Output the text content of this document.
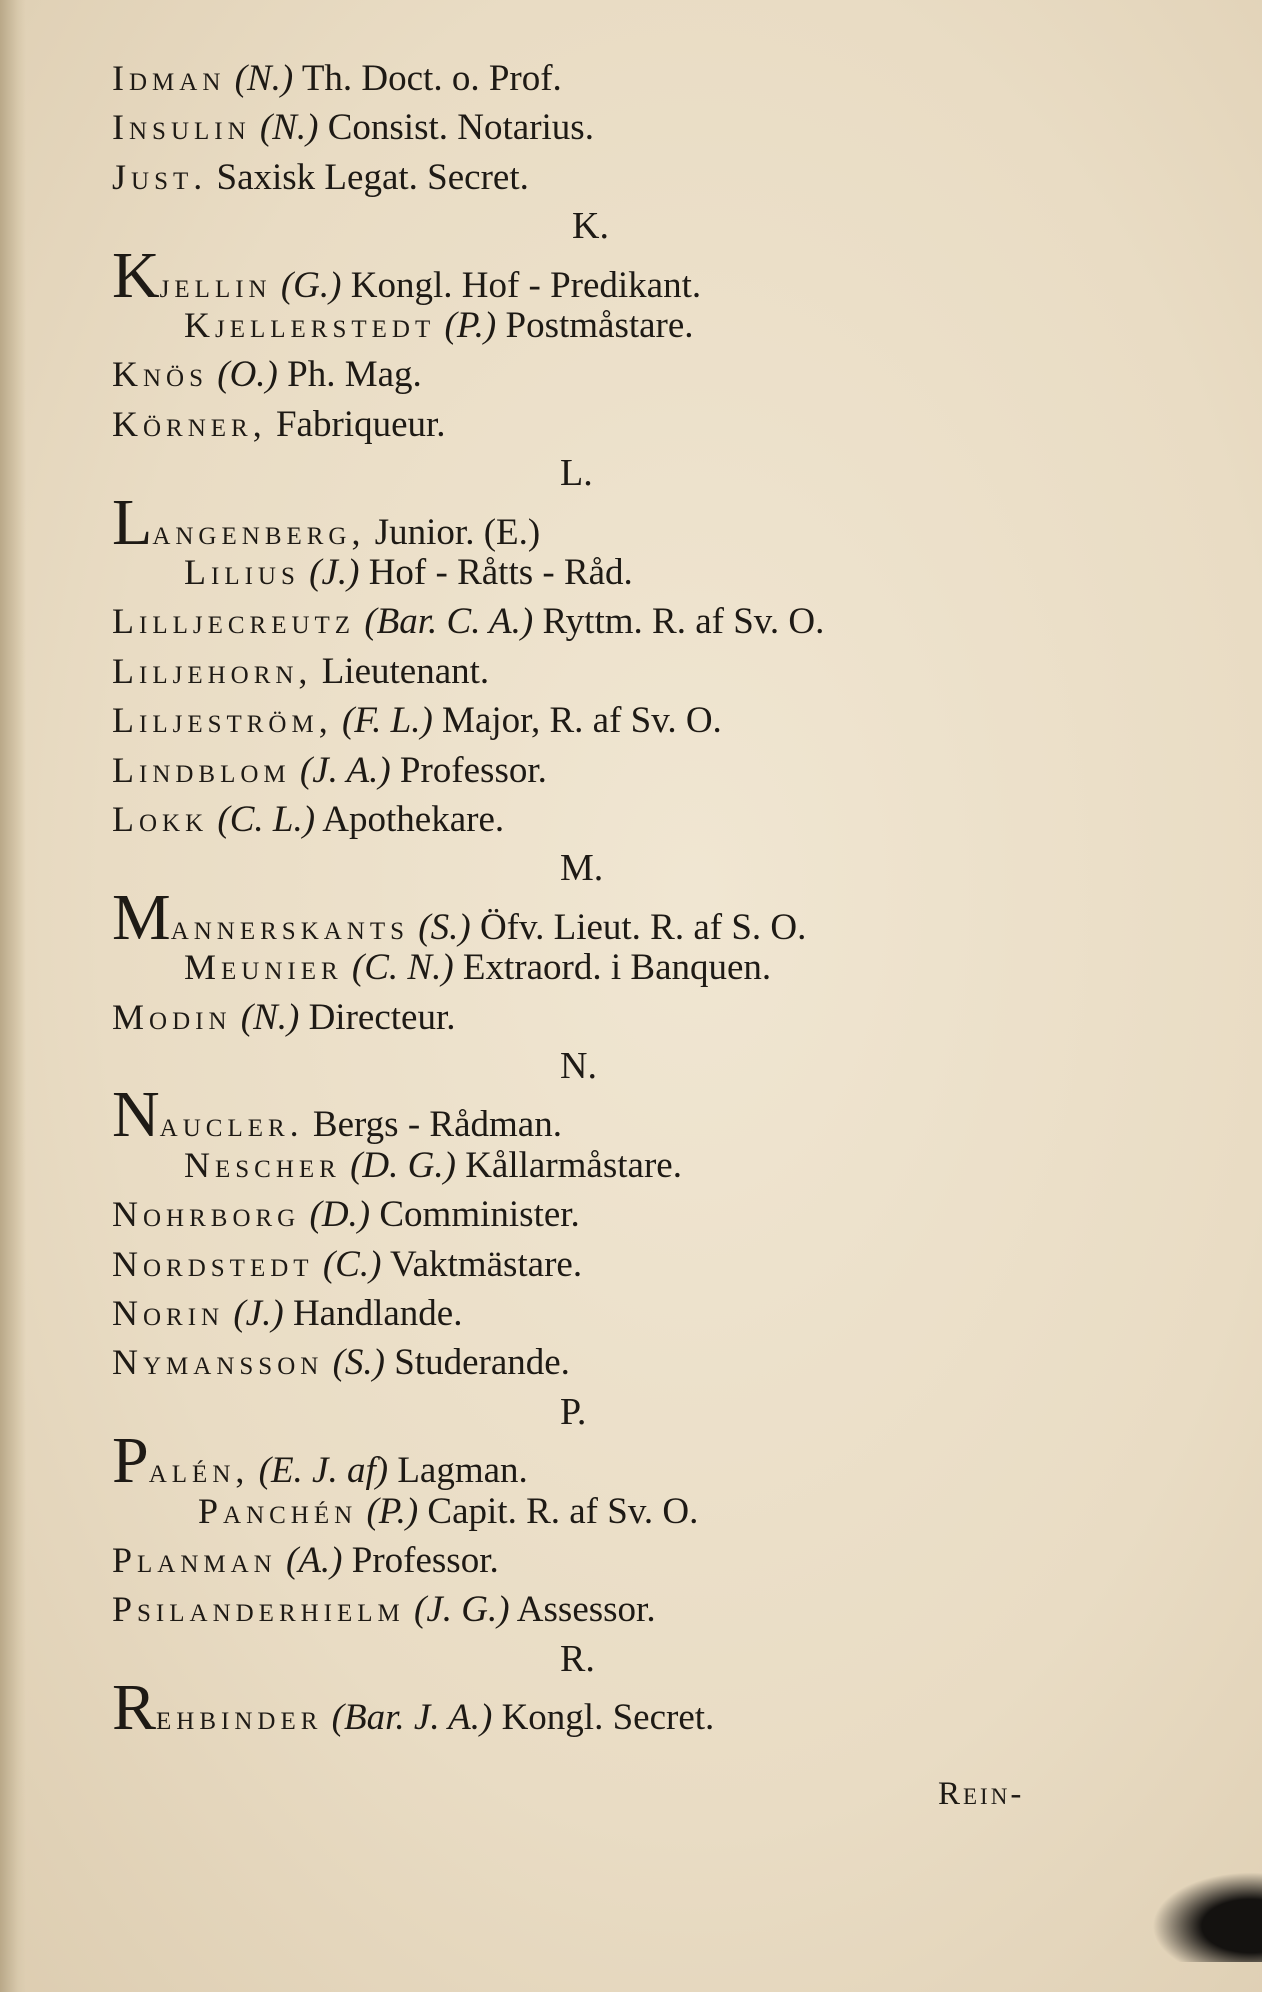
Idman (N.) Th. Doct. o. Prof.
Insulin (N.) Consist. Notarius.
Just. Saxisk Legat. Secret.
K.
Kjellin (G.) Kongl. Hof - Predikant.
Kjellerstedt (P.) Postmåstare.
Knös (O.) Ph. Mag.
Körner, Fabriqueur.
L.
Langenberg, Junior. (E.)
Lilius (J.) Hof - Råtts - Råd.
Lilljecreutz (Bar. C. A.) Ryttm. R. af Sv. O.
Liljehorn, Lieutenant.
Liljeström, (F. L.) Major, R. af Sv. O.
Lindblom (J. A.) Professor.
Lokk (C. L.) Apothekare.
M.
Mannerskants (S.) Öfv. Lieut. R. af S. O.
Meunier (C. N.) Extraord. i Banquen.
Modin (N.) Directeur.
N.
Naucler. Bergs - Rådman.
Nescher (D. G.) Kållarmåstare.
Nohrborg (D.) Comminister.
Nordstedt (C.) Vaktmästare.
Norin (J.) Handlande.
Nymansson (S.) Studerande.
P.
Palén, (E. J. af) Lagman.
Panchén (P.) Capit. R. af Sv. O.
Planman (A.) Professor.
Psilanderhielm (J. G.) Assessor.
R.
Rehbinder (Bar. J. A.) Kongl. Secret.
Rein-
